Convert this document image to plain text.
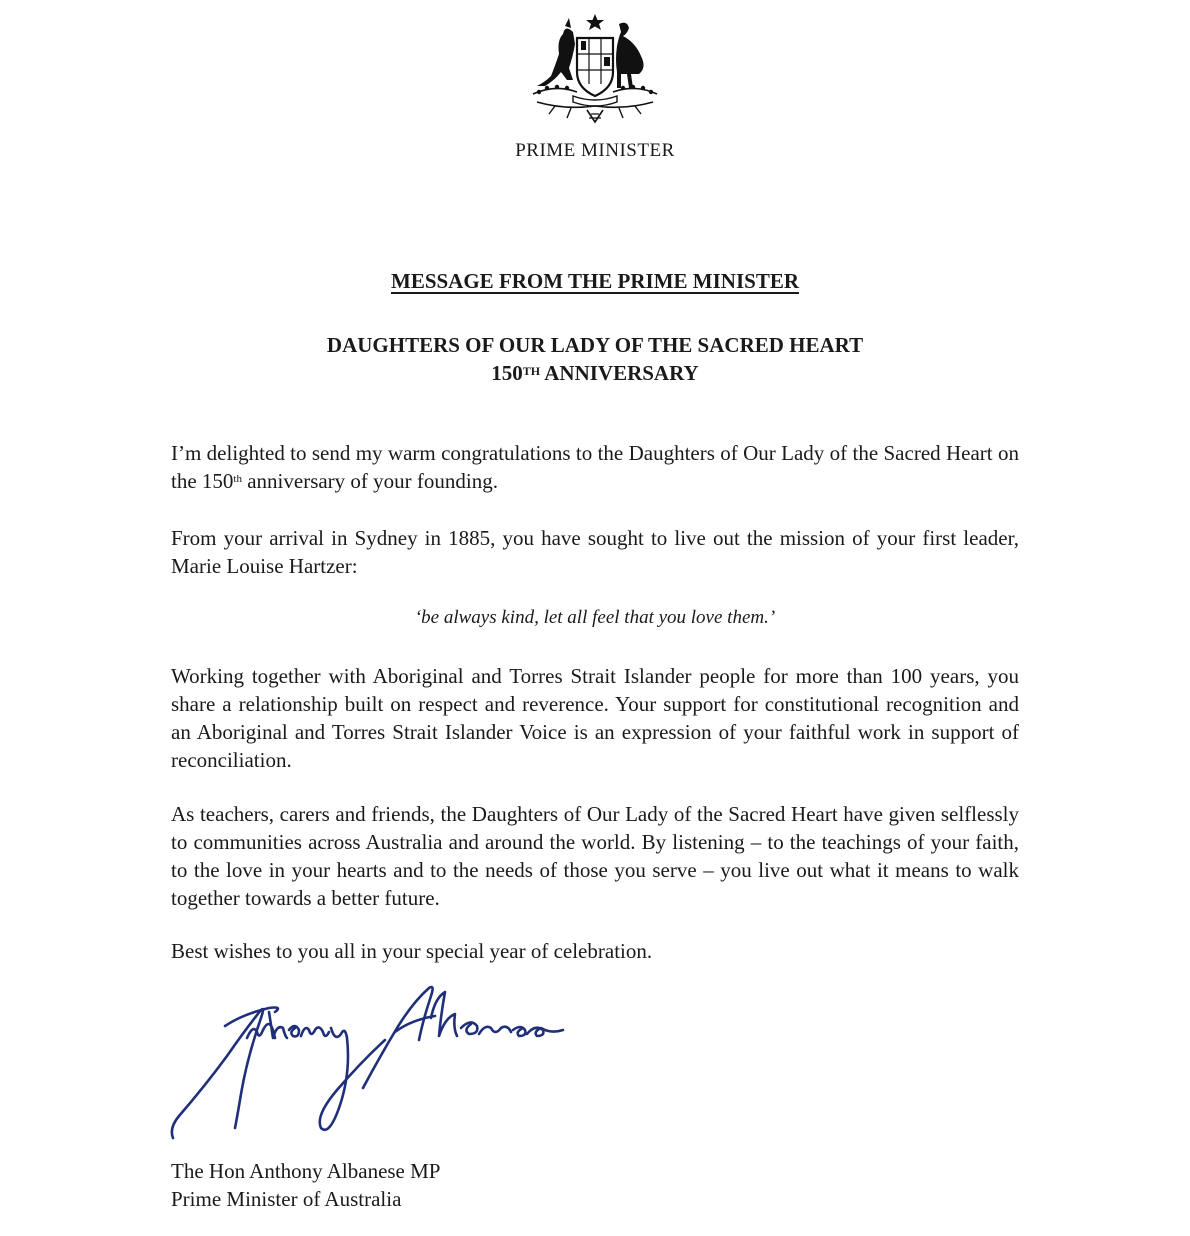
PRIME MINISTER
MESSAGE FROM THE PRIME MINISTER
DAUGHTERS OF OUR LADY OF THE SACRED HEART
150TH ANNIVERSARY
I’m delighted to send my warm congratulations to the Daughters of Our Lady of the Sacred Heart on the 150th anniversary of your founding.
From your arrival in Sydney in 1885, you have sought to live out the mission of your first leader, Marie Louise Hartzer:
‘be always kind, let all feel that you love them.’
Working together with Aboriginal and Torres Strait Islander people for more than 100 years, you share a relationship built on respect and reverence. Your support for constitutional recognition and an Aboriginal and Torres Strait Islander Voice is an expression of your faithful work in support of reconciliation.
As teachers, carers and friends, the Daughters of Our Lady of the Sacred Heart have given selflessly to communities across Australia and around the world. By listening – to the teachings of your faith, to the love in your hearts and to the needs of those you serve – you live out what it means to walk together towards a better future.
Best wishes to you all in your special year of celebration.
The Hon Anthony Albanese MP
Prime Minister of Australia
